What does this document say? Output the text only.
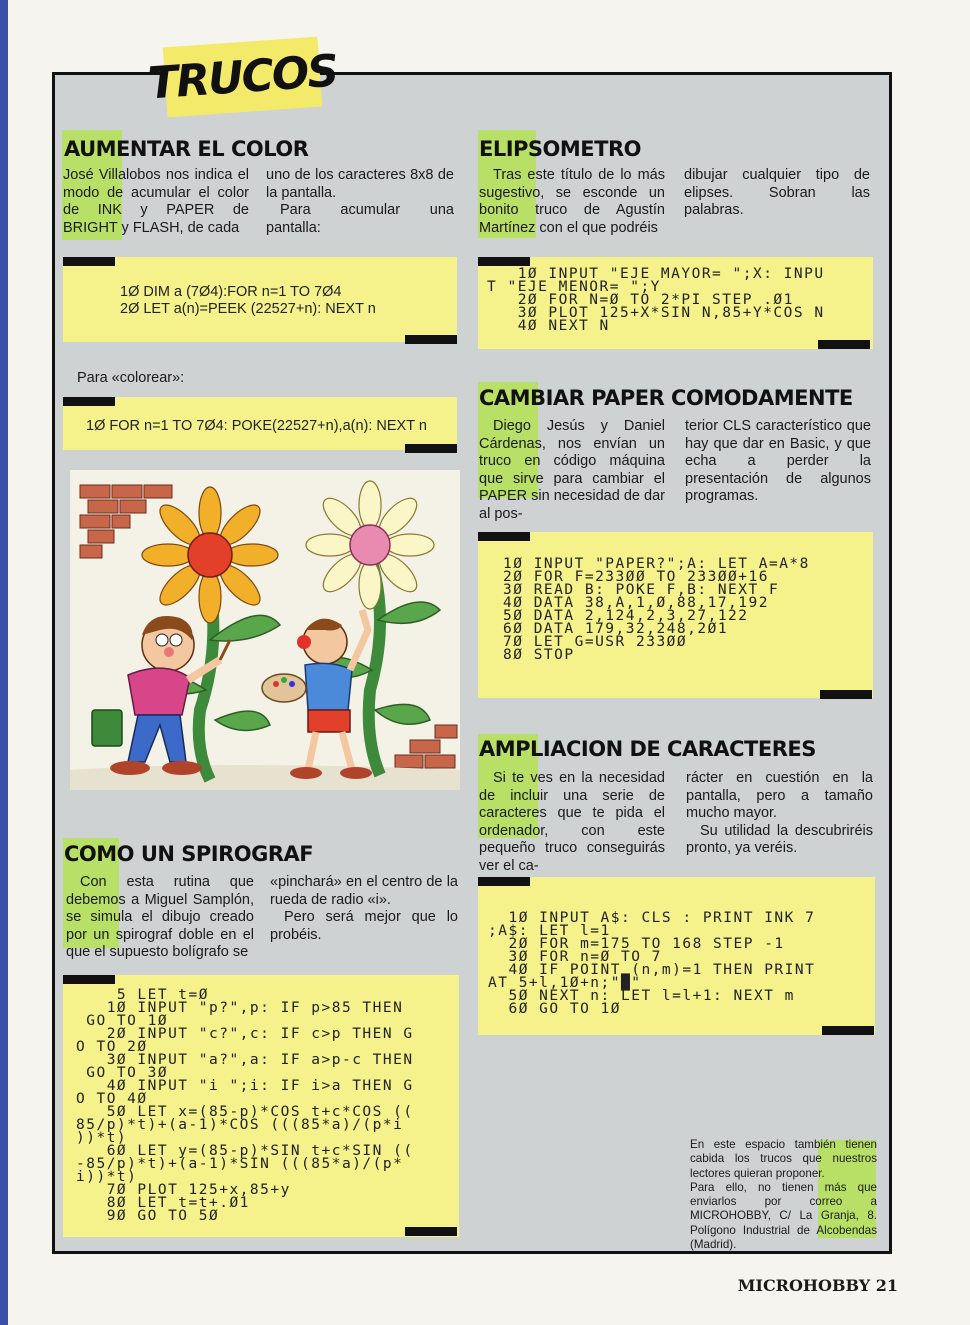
TRUCOS
AUMENTAR EL COLOR

José Villalobos nos indica el modo de acumular el color de INK y PAPER de BRIGHT y FLASH, de cada

uno de los caracteres 8x8 de la pantalla.

Para acumular una pantalla:

1Ø DIM a (7Ø4):FOR n=1 TO 7Ø4
2Ø LET a(n)=PEEK (22527+n): NEXT n
Para «colorear»:
1Ø FOR n=1 TO 7Ø4: POKE(22527+n),a(n): NEXT n
ELIPSOMETRO

Tras este título de lo más sugestivo, se esconde un bonito truco de Agustín Martínez con el que podréis

dibujar cualquier tipo de elipses. Sobran las palabras.

1Ø INPUT "EJE MAYOR= ";X: INPU
T "EJE MENOR= ";Y
2Ø FOR N=Ø TO 2*PI STEP .Ø1
3Ø PLOT 125+X*SIN N,85+Y*COS N
4Ø NEXT N
CAMBIAR PAPER COMODAMENTE

Diego Jesús y Daniel Cárdenas, nos envían un truco en código máquina que sirve para cambiar el PAPER sin necesidad de dar al pos-

terior CLS característico que hay que dar en Basic, y que echa a perder la presentación de algunos programas.

1Ø INPUT "PAPER?";A: LET A=A*8
2Ø FOR F=233ØØ TO 233ØØ+16
3Ø READ B: POKE F,B: NEXT F
4Ø DATA 38,A,1,Ø,88,17,192
5Ø DATA 2,124,2,3,27,122
6Ø DATA 179,32,248,2Ø1
7Ø LET G=USR 233ØØ
8Ø STOP
AMPLIACION DE CARACTERES

Si te ves en la necesidad de incluir una serie de caracteres que te pida el ordenador, con este pequeño truco conseguirás ver el ca-

rácter en cuestión en la pantalla, pero a tamaño mucho mayor.

Su utilidad la descubriréis pronto, ya veréis.

1Ø INPUT A$: CLS : PRINT INK 7
;A$: LET l=1
2Ø FOR m=175 TO 168 STEP -1
3Ø FOR n=Ø TO 7
4Ø IF POINT (n,m)=1 THEN PRINT
AT 5+l,1Ø+n;"█"
5Ø NEXT n: LET l=l+1: NEXT m
6Ø GO TO 1Ø
COMO UN SPIROGRAF

Con esta rutina que debemos a Miguel Samplón, se simula el dibujo creado por un spirograf doble en el que el supuesto bolígrafo se

«pinchará» en el centro de la rueda de radio «i».

Pero será mejor que lo probéis.

5 LET t=Ø
1Ø INPUT "p?",p: IF p>85 THEN
GO TO 1Ø
2Ø INPUT "c?",c: IF c>p THEN G
O TO 2Ø
3Ø INPUT "a?",a: IF a>p-c THEN
GO TO 3Ø
4Ø INPUT "i ";i: IF i>a THEN G
O TO 4Ø
5Ø LET x=(85-p)*COS t+c*COS ((
85/p)*t)+(a-1)*COS (((85*a)/(p*i
))*t)
6Ø LET y=(85-p)*SIN t+c*SIN ((
-85/p)*t)+(a-1)*SIN (((85*a)/(p*
i))*t)
7Ø PLOT 125+x,85+y
8Ø LET t=t+.Ø1
9Ø GO TO 5Ø

En este espacio también tienen cabida los trucos que nuestros lectores quieran proponer.

Para ello, no tienen más que enviarlos por correo a MICROHOBBY, C/ La Granja, 8. Polígono Industrial de Alcobendas (Madrid).

MICROHOBBY 21
